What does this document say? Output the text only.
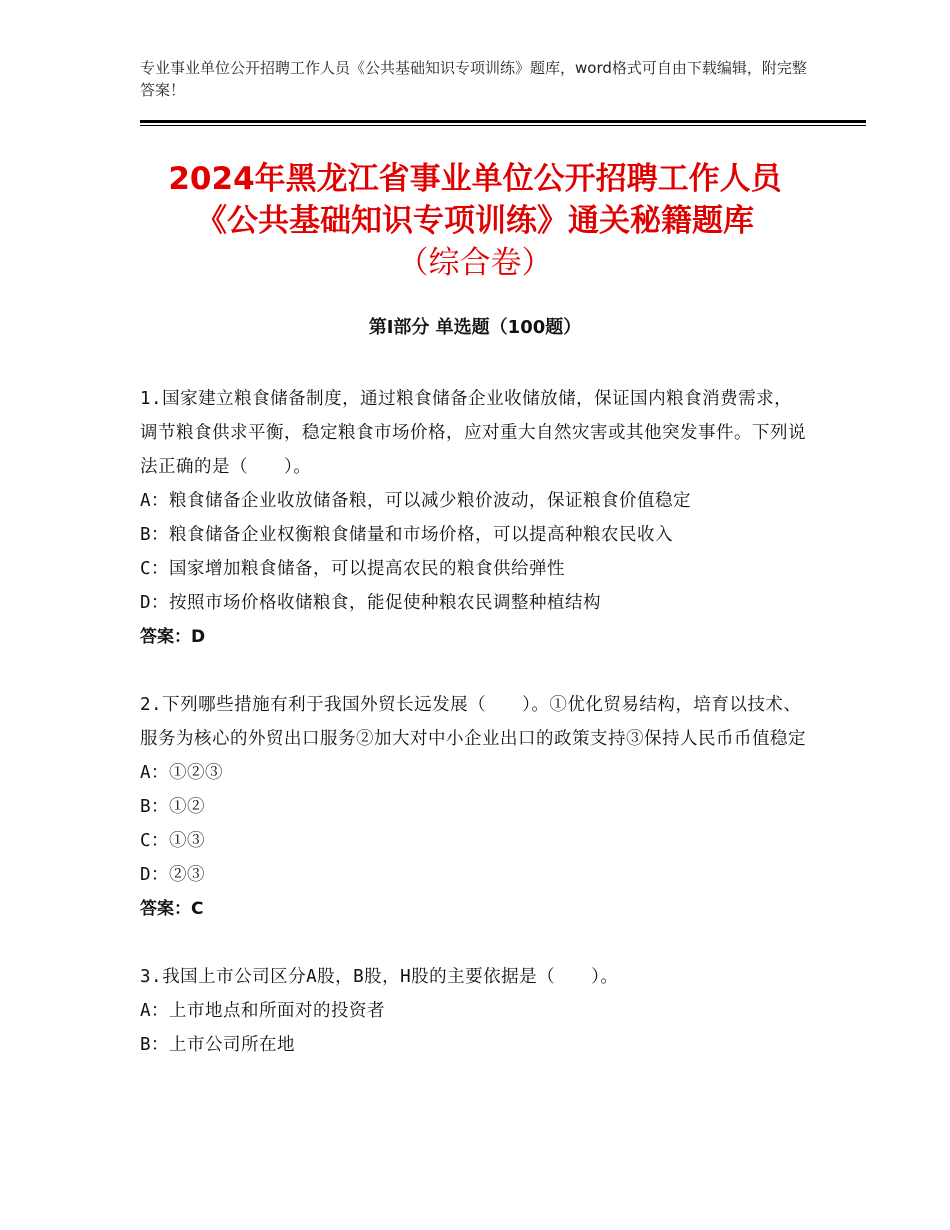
专业事业单位公开招聘工作人员《公共基础知识专项训练》题库，word格式可自由下载编辑，附完整答案！
2024年黑龙江省事业单位公开招聘工作人员
《公共基础知识专项训练》通关秘籍题库
（综合卷）
第Ⅰ部分 单选题（100题）
1.国家建立粮食储备制度，通过粮食储备企业收储放储，保证国内粮食消费需求，调节粮食供求平衡，稳定粮食市场价格，应对重大自然灾害或其他突发事件。下列说法正确的是（　　）。
A：粮食储备企业收放储备粮，可以减少粮价波动，保证粮食价值稳定
B：粮食储备企业权衡粮食储量和市场价格，可以提高种粮农民收入
C：国家增加粮食储备，可以提高农民的粮食供给弹性
D：按照市场价格收储粮食，能促使种粮农民调整种植结构
答案：D
2.下列哪些措施有利于我国外贸长远发展（　　）。①优化贸易结构，培育以技术、服务为核心的外贸出口服务②加大对中小企业出口的政策支持③保持人民币币值稳定
A：①②③
B：①②
C：①③
D：②③
答案：C
3.我国上市公司区分A股，B股，H股的主要依据是（　　）。
A：上市地点和所面对的投资者
B：上市公司所在地
